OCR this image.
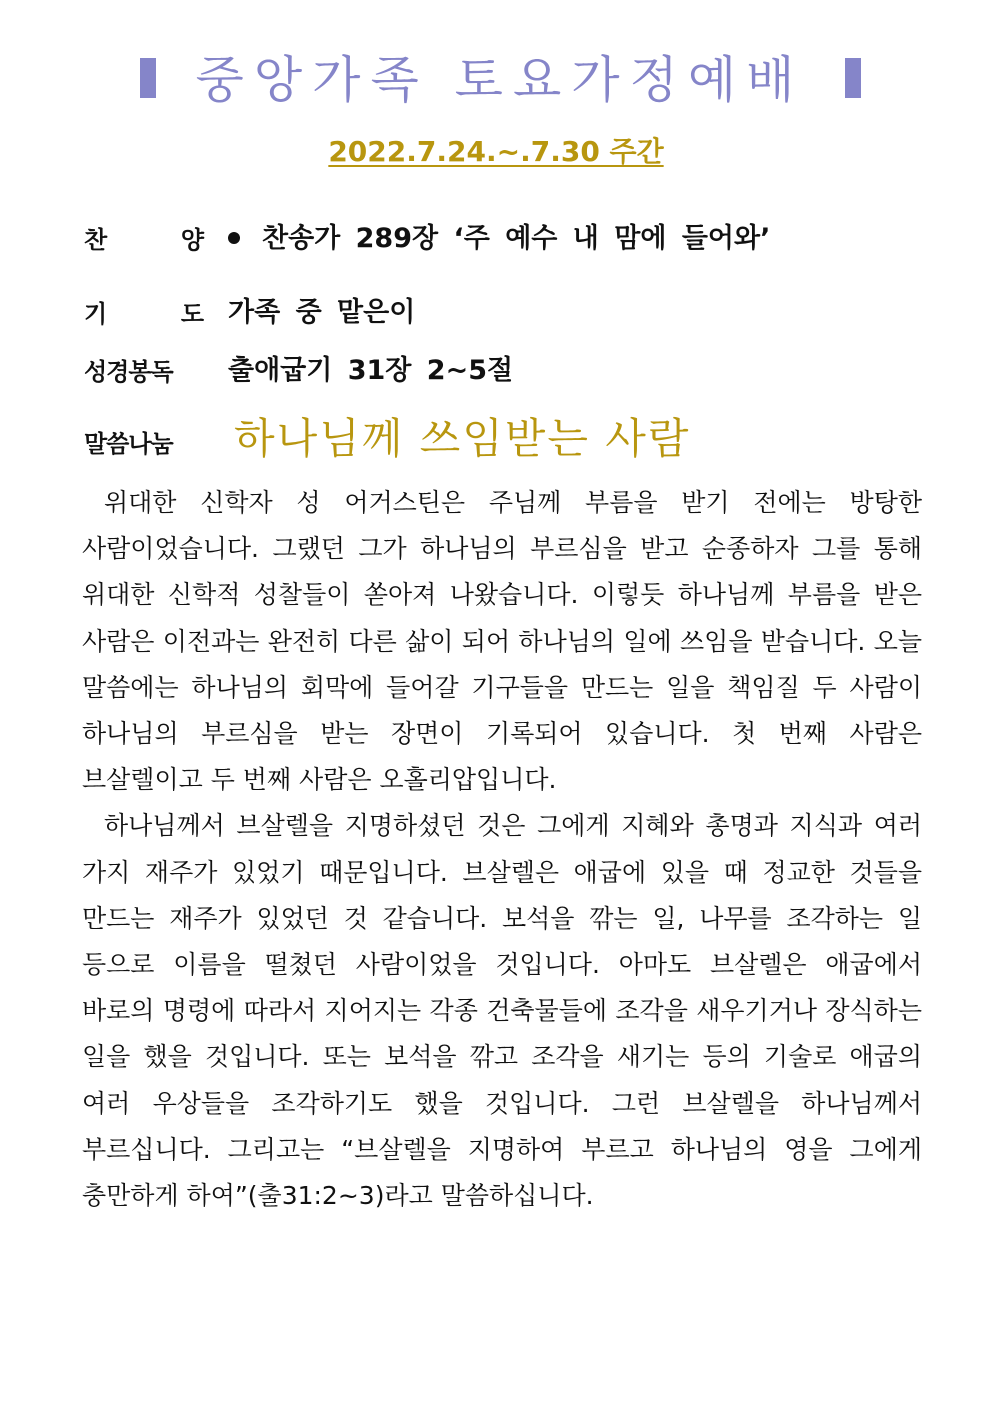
중앙가족 토요가정예배
2022.7.24.~.7.30 주간
찬	양	찬송가 289장 ‘주 예수 내 맘에 들어와’
기	도 가족 중 맡은이
성경봉독	출애굽기 31장 2~5절
말씀나눔	하나님께 쓰임받는 사람

위대한 신학자 성 어거스틴은 주님께 부름을 받기 전에는 방탕한 사람이었습니다. 그랬던 그가 하나님의 부르심을 받고 순종하자 그를 통해 위대한 신학적 성찰들이 쏟아져 나왔습니다. 이렇듯 하나님께 부름을 받은 사람은 이전과는 완전히 다른 삶이 되어 하나님의 일에 쓰임을 받습니다. 오늘 말씀에는 하나님의 회막에 들어갈 기구들을 만드는 일을 책임질 두 사람이 하나님의 부르심을 받는 장면이 기록되어 있습니다. 첫 번째 사람은 브살렐이고 두 번째 사람은 오홀리압입니다.

하나님께서 브살렐을 지명하셨던 것은 그에게 지혜와 총명과 지식과 여러 가지 재주가 있었기 때문입니다. 브살렐은 애굽에 있을 때 정교한 것들을 만드는 재주가 있었던 것 같습니다. 보석을 깎는 일, 나무를 조각하는 일 등으로 이름을 떨쳤던 사람이었을 것입니다. 아마도 브살렐은 애굽에서 바로의 명령에 따라서 지어지는 각종 건축물들에 조각을 새우기거나 장식하는 일을 했을 것입니다. 또는 보석을 깎고 조각을 새기는 등의 기술로 애굽의 여러 우상들을 조각하기도 했을 것입니다. 그런 브살렐을 하나님께서 부르십니다. 그리고는 “브살렐을 지명하여 부르고 하나님의 영을 그에게 충만하게 하여”(출31:2~3)라고 말씀하십니다.
